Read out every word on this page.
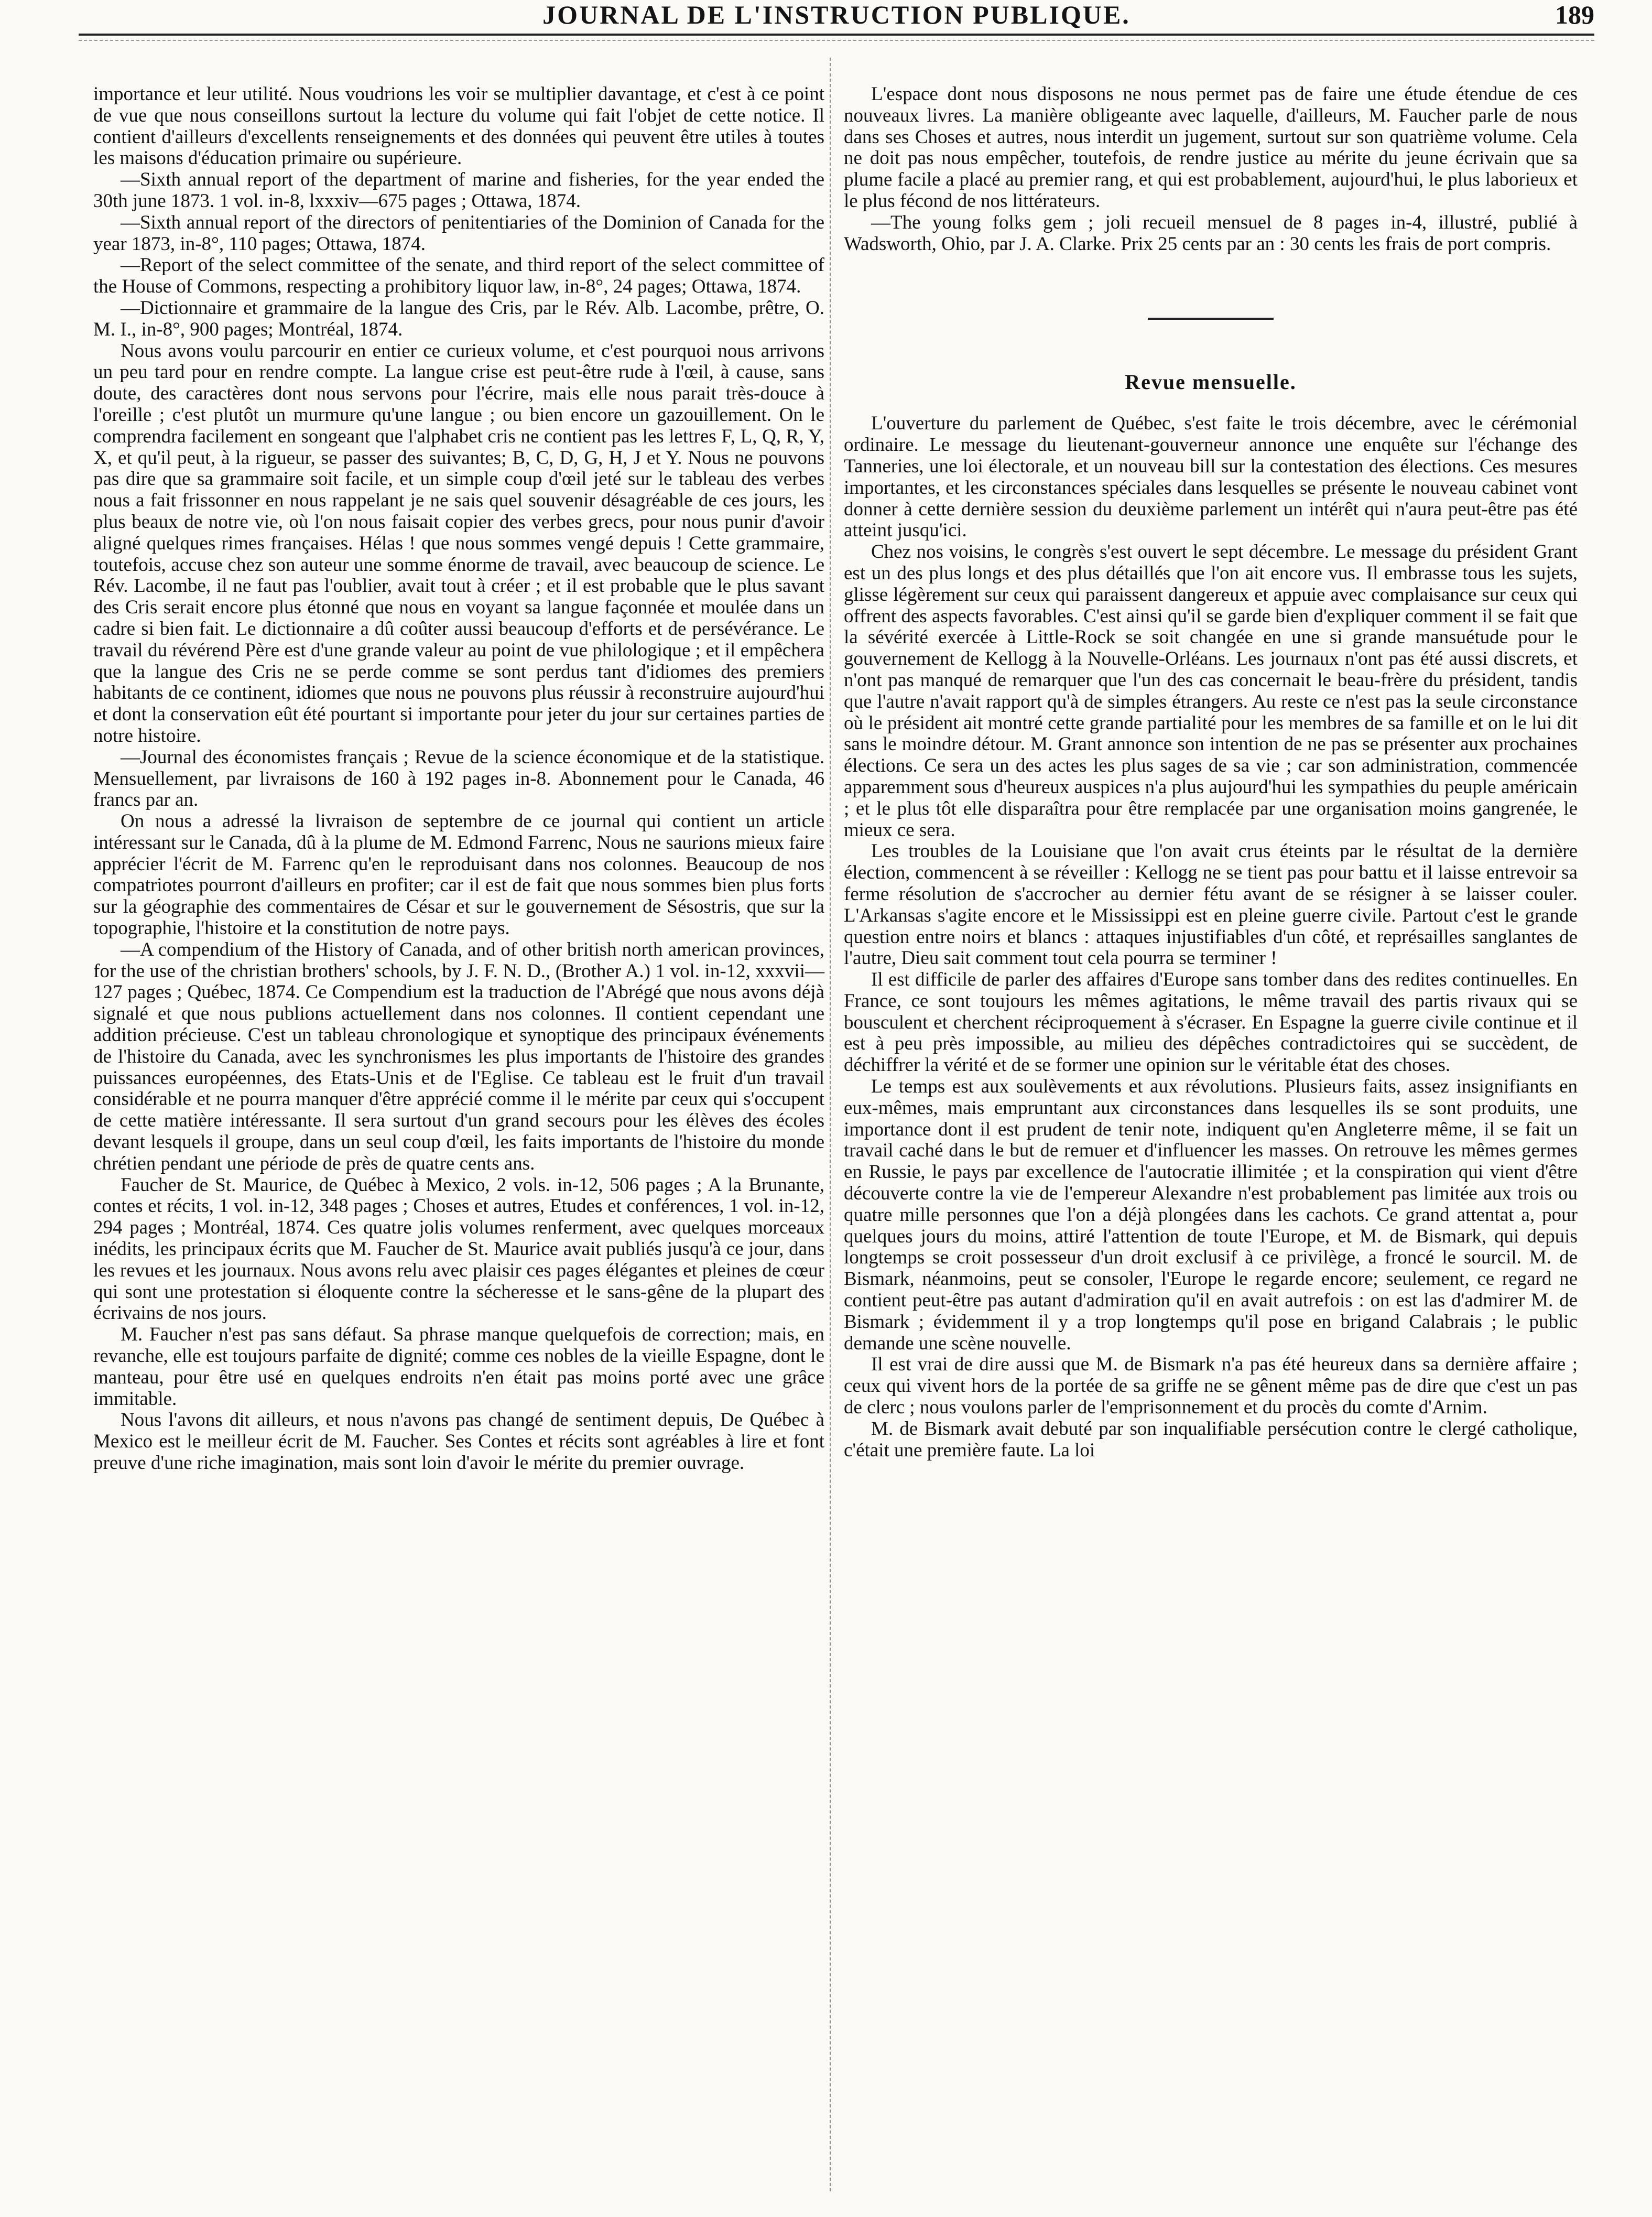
JOURNAL DE L'INSTRUCTION PUBLIQUE.	189

importance et leur utilité. Nous voudrions les voir se multiplier davantage, et c'est à ce point de vue que nous conseillons surtout la lecture du volume qui fait l'objet de cette notice. Il contient d'ailleurs d'excellents renseignements et des données qui peuvent être utiles à toutes les maisons d'éducation primaire ou supérieure.

—Sixth annual report of the department of marine and fisheries, for the year ended the 30th june 1873. 1 vol. in-8, lxxxiv—675 pages ; Ottawa, 1874.

—Sixth annual report of the directors of penitentiaries of the Dominion of Canada for the year 1873, in-8°, 110 pages; Ottawa, 1874.

—Report of the select committee of the senate, and third report of the select committee of the House of Commons, respecting a prohibitory liquor law, in-8°, 24 pages; Ottawa, 1874.

—Dictionnaire et grammaire de la langue des Cris, par le Rév. Alb. Lacombe, prêtre, O. M. I., in-8°, 900 pages; Montréal, 1874.

Nous avons voulu parcourir en entier ce curieux volume, et c'est pourquoi nous arrivons un peu tard pour en rendre compte. La langue crise est peut-être rude à l'œil, à cause, sans doute, des caractères dont nous servons pour l'écrire, mais elle nous parait très-douce à l'oreille ; c'est plutôt un murmure qu'une langue ; ou bien encore un gazouillement. On le comprendra facilement en songeant que l'alphabet cris ne contient pas les lettres F, L, Q, R, Y, X, et qu'il peut, à la rigueur, se passer des suivantes; B, C, D, G, H, J et Y. Nous ne pouvons pas dire que sa grammaire soit facile, et un simple coup d'œil jeté sur le tableau des verbes nous a fait frissonner en nous rappelant je ne sais quel souvenir désagréable de ces jours, les plus beaux de notre vie, où l'on nous faisait copier des verbes grecs, pour nous punir d'avoir aligné quelques rimes françaises. Hélas ! que nous sommes vengé depuis ! Cette grammaire, toutefois, accuse chez son auteur une somme énorme de travail, avec beaucoup de science. Le Rév. Lacombe, il ne faut pas l'oublier, avait tout à créer ; et il est probable que le plus savant des Cris serait encore plus étonné que nous en voyant sa langue façonnée et moulée dans un cadre si bien fait. Le dictionnaire a dû coûter aussi beaucoup d'efforts et de persévérance. Le travail du révérend Père est d'une grande valeur au point de vue philologique ; et il empêchera que la langue des Cris ne se perde comme se sont perdus tant d'idiomes des premiers habitants de ce continent, idiomes que nous ne pouvons plus réussir à reconstruire aujourd'hui et dont la conservation eût été pourtant si importante pour jeter du jour sur certaines parties de notre histoire.

—Journal des économistes français ; Revue de la science économique et de la statistique. Mensuellement, par livraisons de 160 à 192 pages in-8. Abonnement pour le Canada, 46 francs par an.

On nous a adressé la livraison de septembre de ce journal qui contient un article intéressant sur le Canada, dû à la plume de M. Edmond Farrenc, Nous ne saurions mieux faire apprécier l'écrit de M. Farrenc qu'en le reproduisant dans nos colonnes. Beaucoup de nos compatriotes pourront d'ailleurs en profiter; car il est de fait que nous sommes bien plus forts sur la géographie des commentaires de César et sur le gouvernement de Sésostris, que sur la topographie, l'histoire et la constitution de notre pays.

—A compendium of the History of Canada, and of other british north american provinces, for the use of the christian brothers' schools, by J. F. N. D., (Brother A.) 1 vol. in-12, xxxvii—127 pages ; Québec, 1874. Ce Compendium est la traduction de l'Abrégé que nous avons déjà signalé et que nous publions actuellement dans nos colonnes. Il contient cependant une addition précieuse. C'est un tableau chronologique et synoptique des principaux événements de l'histoire du Canada, avec les synchronismes les plus importants de l'histoire des grandes puissances européennes, des Etats-Unis et de l'Eglise. Ce tableau est le fruit d'un travail considérable et ne pourra manquer d'être apprécié comme il le mérite par ceux qui s'occupent de cette matière intéressante. Il sera surtout d'un grand secours pour les élèves des écoles devant lesquels il groupe, dans un seul coup d'œil, les faits importants de l'histoire du monde chrétien pendant une période de près de quatre cents ans.

Faucher de St. Maurice, de Québec à Mexico, 2 vols. in-12, 506 pages ; A la Brunante, contes et récits, 1 vol. in-12, 348 pages ; Choses et autres, Etudes et conférences, 1 vol. in-12, 294 pages ; Montréal, 1874. Ces quatre jolis volumes renferment, avec quelques morceaux inédits, les principaux écrits que M. Faucher de St. Maurice avait publiés jusqu'à ce jour, dans les revues et les journaux. Nous avons relu avec plaisir ces pages élégantes et pleines de cœur qui sont une protestation si éloquente contre la sécheresse et le sans-gêne de la plupart des écrivains de nos jours.

M. Faucher n'est pas sans défaut. Sa phrase manque quelquefois de correction; mais, en revanche, elle est toujours parfaite de dignité; comme ces nobles de la vieille Espagne, dont le manteau, pour être usé en quelques endroits n'en était pas moins porté avec une grâce immitable.

Nous l'avons dit ailleurs, et nous n'avons pas changé de sentiment depuis, De Québec à Mexico est le meilleur écrit de M. Faucher. Ses Contes et récits sont agréables à lire et font preuve d'une riche imagination, mais sont loin d'avoir le mérite du premier ouvrage.

L'espace dont nous disposons ne nous permet pas de faire une étude étendue de ces nouveaux livres. La manière obligeante avec laquelle, d'ailleurs, M. Faucher parle de nous dans ses Choses et autres, nous interdit un jugement, surtout sur son quatrième volume. Cela ne doit pas nous empêcher, toutefois, de rendre justice au mérite du jeune écrivain que sa plume facile a placé au premier rang, et qui est probablement, aujourd'hui, le plus laborieux et le plus fécond de nos littérateurs.

—The young folks gem ; joli recueil mensuel de 8 pages in-4, illustré, publié à Wadsworth, Ohio, par J. A. Clarke. Prix 25 cents par an : 30 cents les frais de port compris.

Revue mensuelle.

L'ouverture du parlement de Québec, s'est faite le trois décembre, avec le cérémonial ordinaire. Le message du lieutenant-gouverneur annonce une enquête sur l'échange des Tanneries, une loi électorale, et un nouveau bill sur la contestation des élections. Ces mesures importantes, et les circonstances spéciales dans lesquelles se présente le nouveau cabinet vont donner à cette dernière session du deuxième parlement un intérêt qui n'aura peut-être pas été atteint jusqu'ici.

Chez nos voisins, le congrès s'est ouvert le sept décembre. Le message du président Grant est un des plus longs et des plus détaillés que l'on ait encore vus. Il embrasse tous les sujets, glisse légèrement sur ceux qui paraissent dangereux et appuie avec complaisance sur ceux qui offrent des aspects favorables. C'est ainsi qu'il se garde bien d'expliquer comment il se fait que la sévérité exercée à Little-Rock se soit changée en une si grande mansuétude pour le gouvernement de Kellogg à la Nouvelle-Orléans. Les journaux n'ont pas été aussi discrets, et n'ont pas manqué de remarquer que l'un des cas concernait le beau-frère du président, tandis que l'autre n'avait rapport qu'à de simples étrangers. Au reste ce n'est pas la seule circonstance où le président ait montré cette grande partialité pour les membres de sa famille et on le lui dit sans le moindre détour. M. Grant annonce son intention de ne pas se présenter aux prochaines élections. Ce sera un des actes les plus sages de sa vie ; car son administration, commencée apparemment sous d'heureux auspices n'a plus aujourd'hui les sympathies du peuple américain ; et le plus tôt elle disparaîtra pour être remplacée par une organisation moins gangrenée, le mieux ce sera.

Les troubles de la Louisiane que l'on avait crus éteints par le résultat de la dernière élection, commencent à se réveiller : Kellogg ne se tient pas pour battu et il laisse entrevoir sa ferme résolution de s'accrocher au dernier fétu avant de se résigner à se laisser couler. L'Arkansas s'agite encore et le Mississippi est en pleine guerre civile. Partout c'est le grande question entre noirs et blancs : attaques injustifiables d'un côté, et représailles sanglantes de l'autre, Dieu sait comment tout cela pourra se terminer !

Il est difficile de parler des affaires d'Europe sans tomber dans des redites continuelles. En France, ce sont toujours les mêmes agitations, le même travail des partis rivaux qui se bousculent et cherchent réciproquement à s'écraser. En Espagne la guerre civile continue et il est à peu près impossible, au milieu des dépêches contradictoires qui se succèdent, de déchiffrer la vérité et de se former une opinion sur le véritable état des choses.

Le temps est aux soulèvements et aux révolutions. Plusieurs faits, assez insignifiants en eux-mêmes, mais empruntant aux circonstances dans lesquelles ils se sont produits, une importance dont il est prudent de tenir note, indiquent qu'en Angleterre même, il se fait un travail caché dans le but de remuer et d'influencer les masses. On retrouve les mêmes germes en Russie, le pays par excellence de l'autocratie illimitée ; et la conspiration qui vient d'être découverte contre la vie de l'empereur Alexandre n'est probablement pas limitée aux trois ou quatre mille personnes que l'on a déjà plongées dans les cachots. Ce grand attentat a, pour quelques jours du moins, attiré l'attention de toute l'Europe, et M. de Bismark, qui depuis longtemps se croit possesseur d'un droit exclusif à ce privilège, a froncé le sourcil. M. de Bismark, néanmoins, peut se consoler, l'Europe le regarde encore; seulement, ce regard ne contient peut-être pas autant d'admiration qu'il en avait autrefois : on est las d'admirer M. de Bismark ; évidemment il y a trop longtemps qu'il pose en brigand Calabrais ; le public demande une scène nouvelle.

Il est vrai de dire aussi que M. de Bismark n'a pas été heureux dans sa dernière affaire ; ceux qui vivent hors de la portée de sa griffe ne se gênent même pas de dire que c'est un pas de clerc ; nous voulons parler de l'emprisonnement et du procès du comte d'Arnim.

M. de Bismark avait debuté par son inqualifiable persécution contre le clergé catholique, c'était une première faute. La loi
